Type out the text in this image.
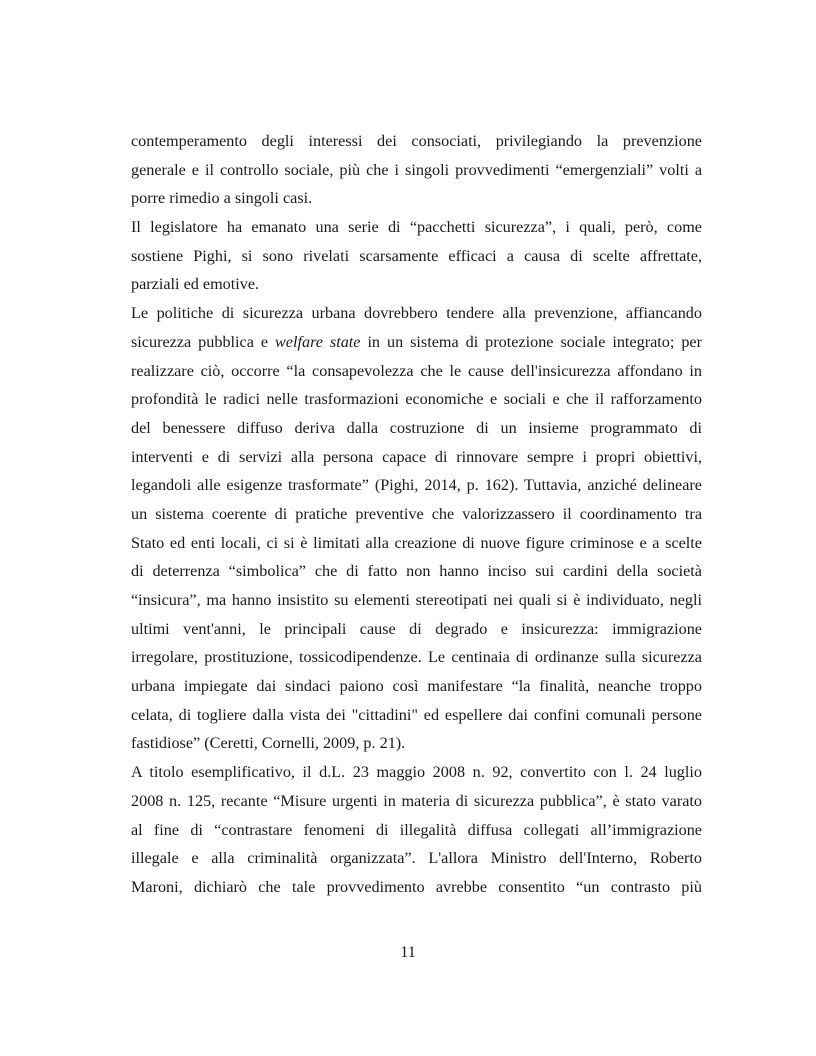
contemperamento degli interessi dei consociati, privilegiando la prevenzione
generale e il controllo sociale, più che i singoli provvedimenti “emergenziali” volti a
porre rimedio a singoli casi.
Il legislatore ha emanato una serie di “pacchetti sicurezza”, i quali, però, come
sostiene Pighi, si sono rivelati scarsamente efficaci a causa di scelte affrettate,
parziali ed emotive.
Le politiche di sicurezza urbana dovrebbero tendere alla prevenzione, affiancando
sicurezza pubblica e welfare state in un sistema di protezione sociale integrato; per
realizzare ciò, occorre “la consapevolezza che le cause dell'insicurezza affondano in
profondità le radici nelle trasformazioni economiche e sociali e che il rafforzamento
del benessere diffuso deriva dalla costruzione di un insieme programmato di
interventi e di servizi alla persona capace di rinnovare sempre i propri obiettivi,
legandoli alle esigenze trasformate” (Pighi, 2014, p. 162). Tuttavia, anziché delineare
un sistema coerente di pratiche preventive che valorizzassero il coordinamento tra
Stato ed enti locali, ci si è limitati alla creazione di nuove figure criminose e a scelte
di deterrenza “simbolica” che di fatto non hanno inciso sui cardini della società
“insicura”, ma hanno insistito su elementi stereotipati nei quali si è individuato, negli
ultimi vent'anni, le principali cause di degrado e insicurezza: immigrazione
irregolare, prostituzione, tossicodipendenze. Le centinaia di ordinanze sulla sicurezza
urbana impiegate dai sindaci paiono così manifestare “la finalità, neanche troppo
celata, di togliere dalla vista dei "cittadini" ed espellere dai confini comunali persone
fastidiose” (Ceretti, Cornelli, 2009, p. 21).
A titolo esemplificativo, il d.L. 23 maggio 2008 n. 92, convertito con l. 24 luglio
2008 n. 125, recante “Misure urgenti in materia di sicurezza pubblica”, è stato varato
al fine di “contrastare fenomeni di illegalità diffusa collegati all’immigrazione
illegale e alla criminalità organizzata”. L'allora Ministro dell'Interno, Roberto
Maroni, dichiarò che tale provvedimento avrebbe consentito “un contrasto più
11
